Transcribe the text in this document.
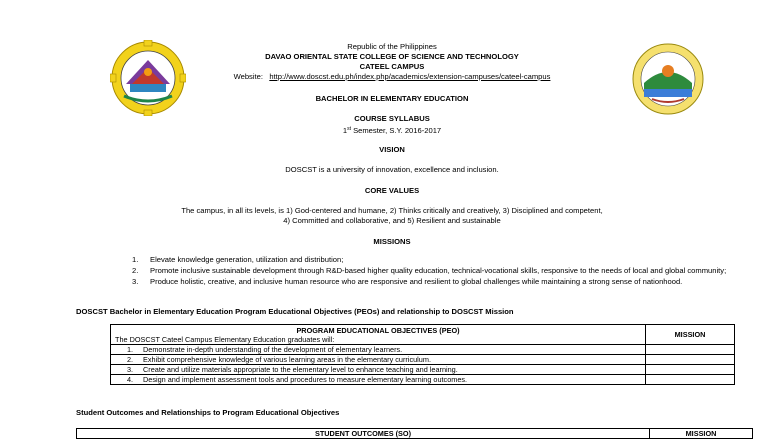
Republic of the Philippines
DAVAO ORIENTAL STATE COLLEGE OF SCIENCE AND TECHNOLOGY
CATEEL CAMPUS
Website: http://www.doscst.edu.ph/index.php/academics/extension-campuses/cateel-campus
BACHELOR IN ELEMENTARY EDUCATION
COURSE SYLLABUS
1st Semester, S.Y. 2016-2017
VISION
DOSCST is a university of innovation, excellence and inclusion.
CORE VALUES
The campus, in all its levels, is 1) God-centered and humane, 2) Thinks critically and creatively, 3) Disciplined and competent,
4) Committed and collaborative, and 5) Resilient and sustainable
MISSIONS
1.	Elevate knowledge generation, utilization and distribution;
2.	Promote inclusive sustainable development through R&D-based higher quality education, technical-vocational skills, responsive to the needs of local and global community;
3.	Produce holistic, creative, and inclusive human resource who are responsive and resilient to global challenges while maintaining a strong sense of nationhood.
DOSCST Bachelor in Elementary Education Program Educational Objectives (PEOs) and relationship to DOSCST Mission
PROGRAM EDUCATIONAL OBJECTIVES (PEO)
The DOSCST Cateel Campus Elementary Education graduates will:	MISSION
1. Demonstrate in-depth understanding of the development of elementary learners.	
2. Exhibit comprehensive knowledge of various learning areas in the elementary curriculum.	
3. Create and utilize materials appropriate to the elementary level to enhance teaching and learning.	
4. Design and implement assessment tools and procedures to measure elementary learning outcomes.	
Student Outcomes and Relationships to Program Educational Objectives
STUDENT OUTCOMES (SO)	MISSION
